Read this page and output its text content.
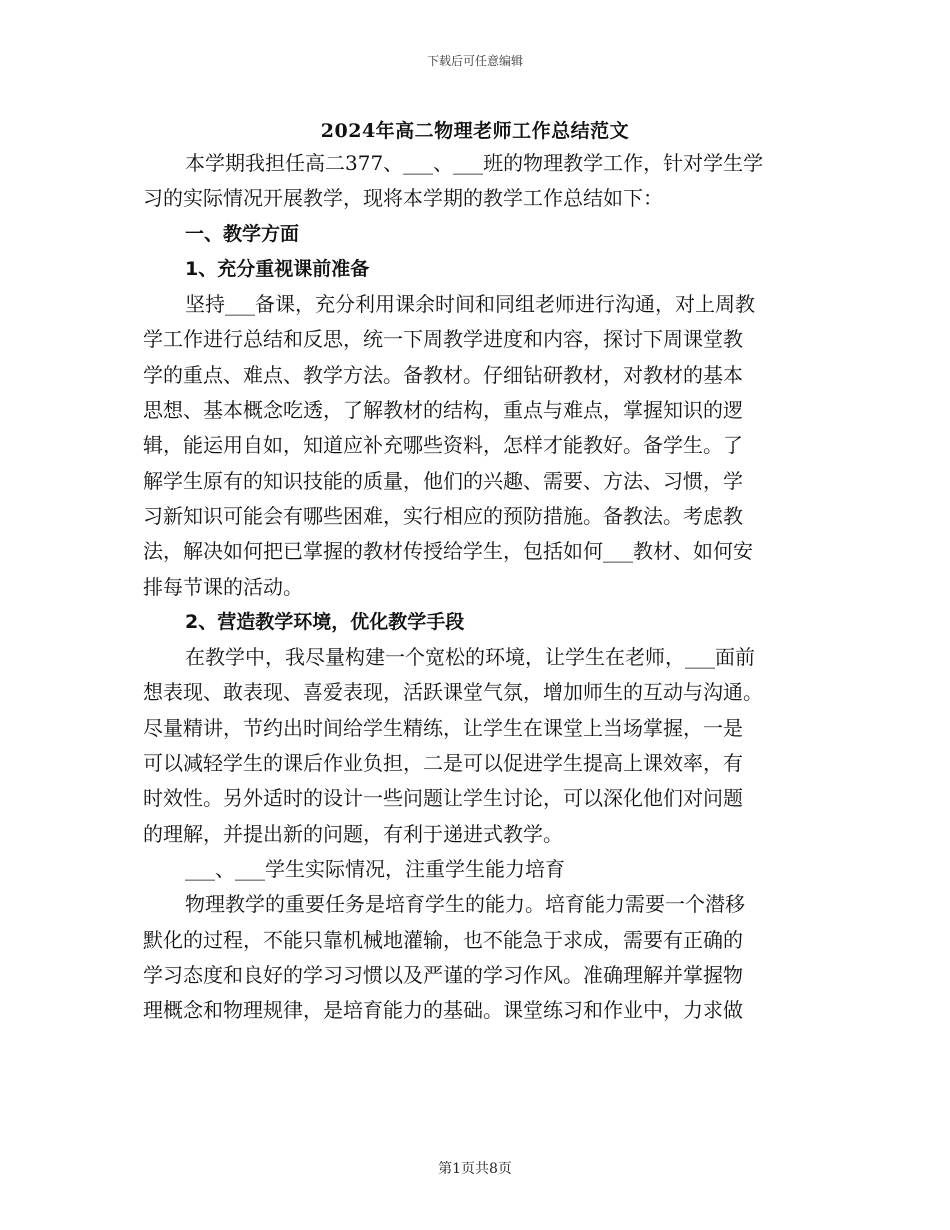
下载后可任意编辑
2024年高二物理老师工作总结范文
本学期我担任高二377、___、___班的物理教学工作，针对学生学
习的实际情况开展教学，现将本学期的教学工作总结如下：
一、教学方面
1、充分重视课前准备
坚持___备课，充分利用课余时间和同组老师进行沟通，对上周教
学工作进行总结和反思，统一下周教学进度和内容，探讨下周课堂教
学的重点、难点、教学方法。备教材。仔细钻研教材，对教材的基本
思想、基本概念吃透，了解教材的结构，重点与难点，掌握知识的逻
辑，能运用自如，知道应补充哪些资料，怎样才能教好。备学生。了
解学生原有的知识技能的质量，他们的兴趣、需要、方法、习惯，学
习新知识可能会有哪些困难，实行相应的预防措施。备教法。考虑教
法，解决如何把已掌握的教材传授给学生，包括如何___教材、如何安
排每节课的活动。
2、营造教学环境，优化教学手段
在教学中，我尽量构建一个宽松的环境，让学生在老师，___面前
想表现、敢表现、喜爱表现，活跃课堂气氛，增加师生的互动与沟通。
尽量精讲，节约出时间给学生精练，让学生在课堂上当场掌握，一是
可以减轻学生的课后作业负担，二是可以促进学生提高上课效率，有
时效性。另外适时的设计一些问题让学生讨论，可以深化他们对问题
的理解，并提出新的问题，有利于递进式教学。
___、___学生实际情况，注重学生能力培育
物理教学的重要任务是培育学生的能力。培育能力需要一个潜移
默化的过程，不能只靠机械地灌输，也不能急于求成，需要有正确的
学习态度和良好的学习习惯以及严谨的学习作风。准确理解并掌握物
理概念和物理规律，是培育能力的基础。课堂练习和作业中，力求做
第1页共8页
